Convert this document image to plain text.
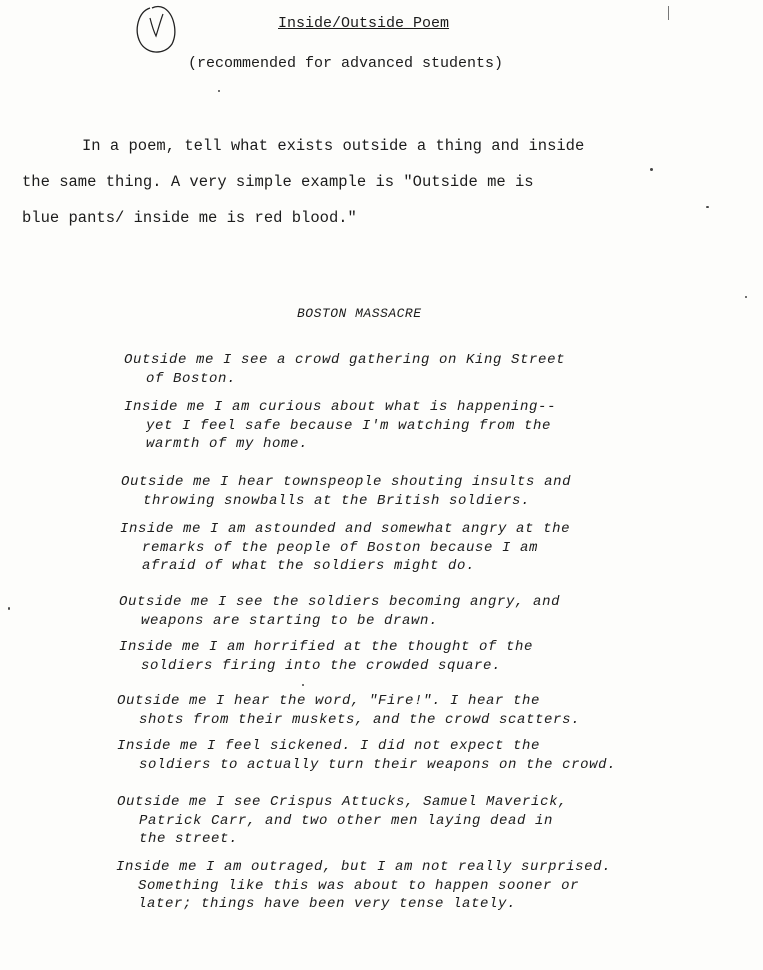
1
Inside/Outside Poem
(recommended for advanced students)

In a poem, tell what exists outside a thing and inside
the same thing. A very simple example is "Outside me is
blue pants/ inside me is red blood."

BOSTON MASSACRE

Outside me I see a crowd gathering on King Street
of Boston.

Inside me I am curious about what is happening--
yet I feel safe because I'm watching from the
warmth of my home.

Outside me I hear townspeople shouting insults and
throwing snowballs at the British soldiers.

Inside me I am astounded and somewhat angry at the
remarks of the people of Boston because I am
afraid of what the soldiers might do.

Outside me I see the soldiers becoming angry, and
weapons are starting to be drawn.

Inside me I am horrified at the thought of the
soldiers firing into the crowded square.

Outside me I hear the word, "Fire!". I hear the
shots from their muskets, and the crowd scatters.

Inside me I feel sickened. I did not expect the
soldiers to actually turn their weapons on the crowd.

Outside me I see Crispus Attucks, Samuel Maverick,
Patrick Carr, and two other men laying dead in
the street.

Inside me I am outraged, but I am not really surprised.
Something like this was about to happen sooner or
later; things have been very tense lately.
